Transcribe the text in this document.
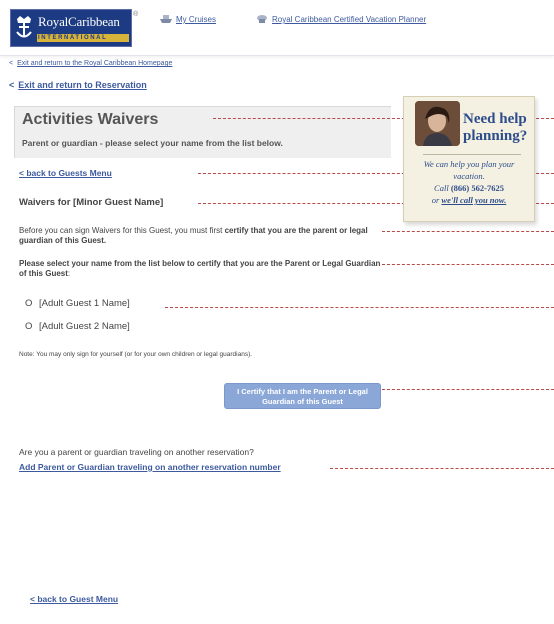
RoyalCaribbean
INTERNATIONAL
®
My Cruises	Royal Caribbean Certified Vacation Planner
< Exit and return to the Royal Caribbean Homepage
< Exit and return to Reservation
Activities Waivers
Parent or guardian - please select your name from the list below.
< back to Guests Menu
Waivers for [Minor Guest Name]
Before you can sign Waivers for this Guest, you must first certify that you are the parent or legal guardian of this Guest.
Please select your name from the list below to certify that you are the Parent or Legal Guardian of this Guest:
O [Adult Guest 1 Name]
O [Adult Guest 2 Name]
Note: You may only sign for yourself (or for your own children or legal guardians).
I Certify that I am the Parent or Legal Guardian of this Guest
Are you a parent or guardian traveling on another reservation?
Add Parent or Guardian traveling on another reservation number
< back to Guest Menu
Need help planning?
We can help you plan your vacation.
Call (866) 562-7625
or we'll call you now.
